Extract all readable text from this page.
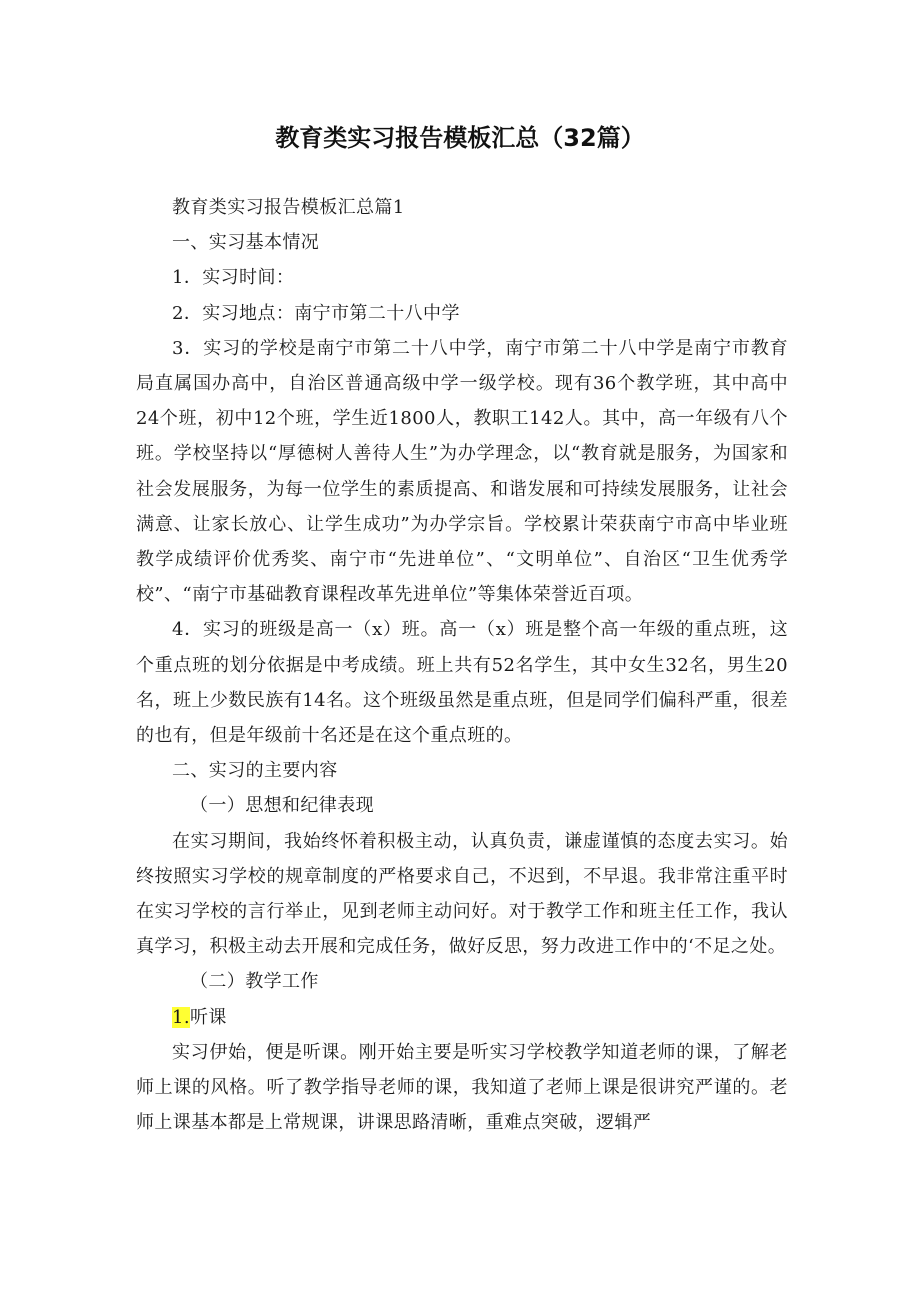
教育类实习报告模板汇总（32篇）

教育类实习报告模板汇总篇1

一、实习基本情况

1．实习时间：

2．实习地点：南宁市第二十八中学

3．实习的学校是南宁市第二十八中学，南宁市第二十八中学是南宁市教育局直属国办高中，自治区普通高级中学一级学校。现有36个教学班，其中高中24个班，初中12个班，学生近1800人，教职工142人。其中，高一年级有八个班。学校坚持以“厚德树人善待人生”为办学理念，以“教育就是服务，为国家和社会发展服务，为每一位学生的素质提高、和谐发展和可持续发展服务，让社会满意、让家长放心、让学生成功”为办学宗旨。学校累计荣获南宁市高中毕业班教学成绩评价优秀奖、南宁市“先进单位”、“文明单位”、自治区“卫生优秀学校”、“南宁市基础教育课程改革先进单位”等集体荣誉近百项。

4．实习的班级是高一（x）班。高一（x）班是整个高一年级的重点班，这个重点班的划分依据是中考成绩。班上共有52名学生，其中女生32名，男生20名，班上少数民族有14名。这个班级虽然是重点班，但是同学们偏科严重，很差的也有，但是年级前十名还是在这个重点班的。

二、实习的主要内容

（一）思想和纪律表现

在实习期间，我始终怀着积极主动，认真负责，谦虚谨慎的态度去实习。始终按照实习学校的规章制度的严格要求自己，不迟到，不早退。我非常注重平时在实习学校的言行举止，见到老师主动问好。对于教学工作和班主任工作，我认真学习，积极主动去开展和完成任务，做好反思，努力改进工作中的‘不足之处。

（二）教学工作

1.听课

实习伊始，便是听课。刚开始主要是听实习学校教学知道老师的课，了解老师上课的风格。听了教学指导老师的课，我知道了老师上课是很讲究严谨的。老师上课基本都是上常规课，讲课思路清晰，重难点突破，逻辑严
